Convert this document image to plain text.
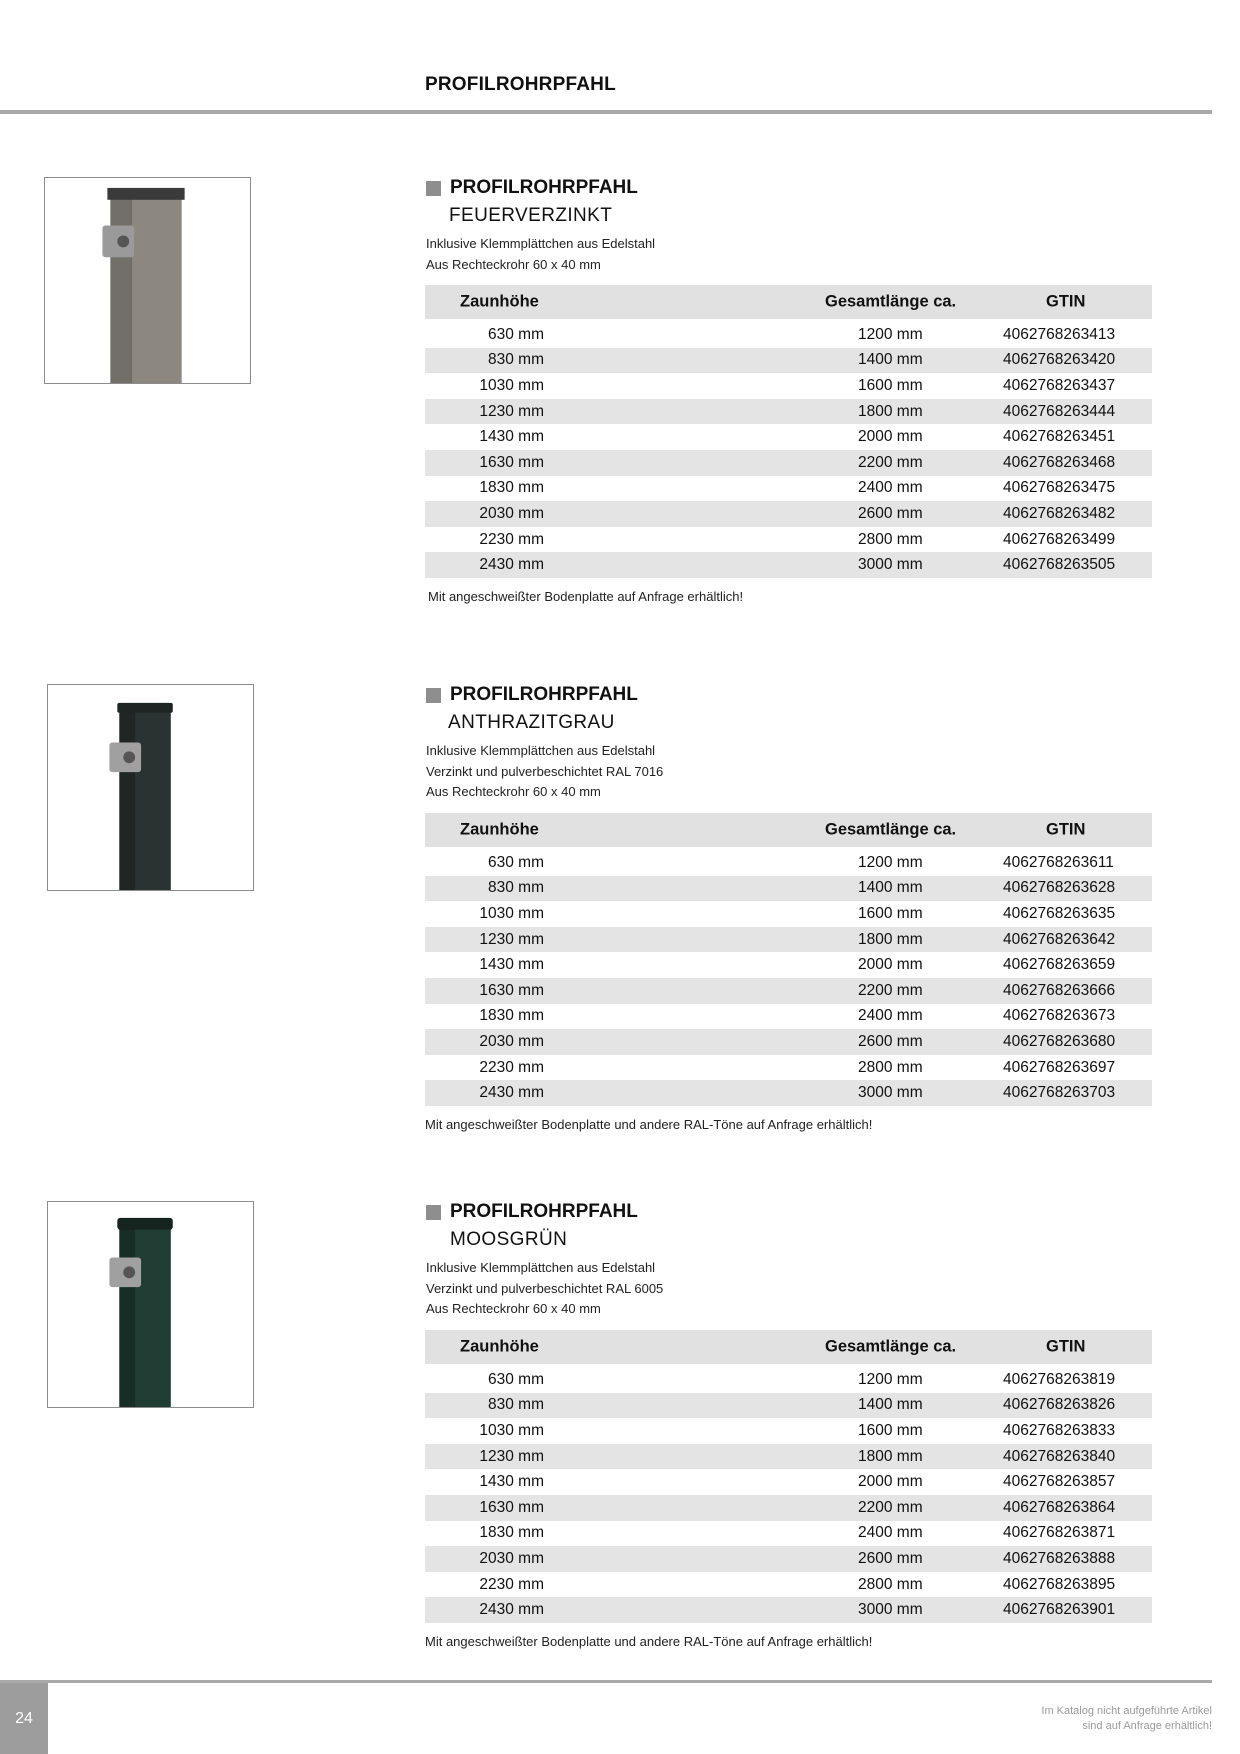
PROFILROHRPFAHL
PROFILROHRPFAHL
FEUERVERZINKT
Inklusive Klemmplättchen aus Edelstahl
Aus Rechteckrohr 60 x 40 mm
Zaunhöhe	Gesamtlänge ca.	GTIN
630 mm	1200 mm	4062768263413
830 mm	1400 mm	4062768263420
1030 mm	1600 mm	4062768263437
1230 mm	1800 mm	4062768263444
1430 mm	2000 mm	4062768263451
1630 mm	2200 mm	4062768263468
1830 mm	2400 mm	4062768263475
2030 mm	2600 mm	4062768263482
2230 mm	2800 mm	4062768263499
2430 mm	3000 mm	4062768263505
Mit angeschweißter Bodenplatte auf Anfrage erhältlich!
PROFILROHRPFAHL
ANTHRAZITGRAU
Inklusive Klemmplättchen aus Edelstahl
Verzinkt und pulverbeschichtet RAL 7016
Aus Rechteckrohr 60 x 40 mm
Zaunhöhe	Gesamtlänge ca.	GTIN
630 mm	1200 mm	4062768263611
830 mm	1400 mm	4062768263628
1030 mm	1600 mm	4062768263635
1230 mm	1800 mm	4062768263642
1430 mm	2000 mm	4062768263659
1630 mm	2200 mm	4062768263666
1830 mm	2400 mm	4062768263673
2030 mm	2600 mm	4062768263680
2230 mm	2800 mm	4062768263697
2430 mm	3000 mm	4062768263703
Mit angeschweißter Bodenplatte und andere RAL-Töne auf Anfrage erhältlich!
PROFILROHRPFAHL
MOOSGRÜN
Inklusive Klemmplättchen aus Edelstahl
Verzinkt und pulverbeschichtet RAL 6005
Aus Rechteckrohr 60 x 40 mm
Zaunhöhe	Gesamtlänge ca.	GTIN
630 mm	1200 mm	4062768263819
830 mm	1400 mm	4062768263826
1030 mm	1600 mm	4062768263833
1230 mm	1800 mm	4062768263840
1430 mm	2000 mm	4062768263857
1630 mm	2200 mm	4062768263864
1830 mm	2400 mm	4062768263871
2030 mm	2600 mm	4062768263888
2230 mm	2800 mm	4062768263895
2430 mm	3000 mm	4062768263901
Mit angeschweißter Bodenplatte und andere RAL-Töne auf Anfrage erhältlich!
24	Im Katalog nicht aufgeführte Artikel
sind auf Anfrage erhältlich!
